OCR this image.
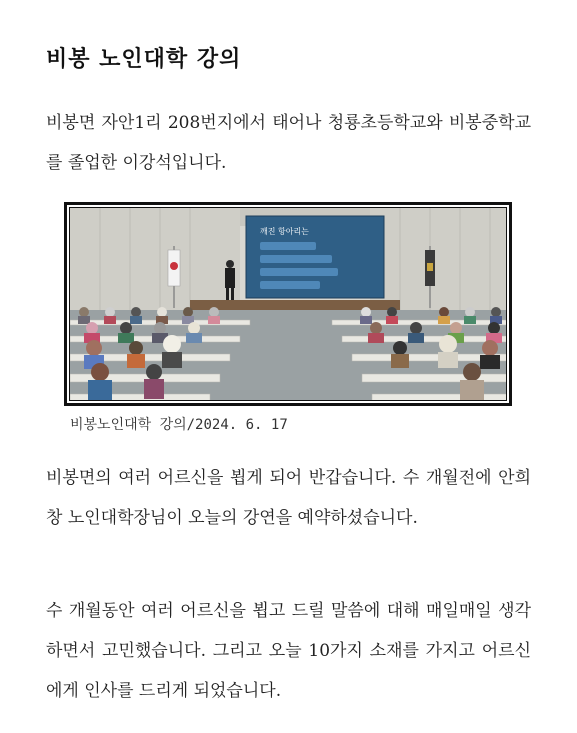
비봉 노인대학 강의

비봉면 자안1리 208번지에서 태어나 청룡초등학교와 비봉중학교를 졸업한 이강석입니다.

깨진 항아리는

비봉노인대학 강의/2024. 6. 17

비봉면의 여러 어르신을 뵙게 되어 반갑습니다. 수 개월전에 안희창 노인대학장님이 오늘의 강연을 예약하셨습니다.

수 개월동안 여러 어르신을 뵙고 드릴 말씀에 대해 매일매일 생각하면서 고민했습니다. 그리고 오늘 10가지 소재를 가지고 어르신에게 인사를 드리게 되었습니다.
